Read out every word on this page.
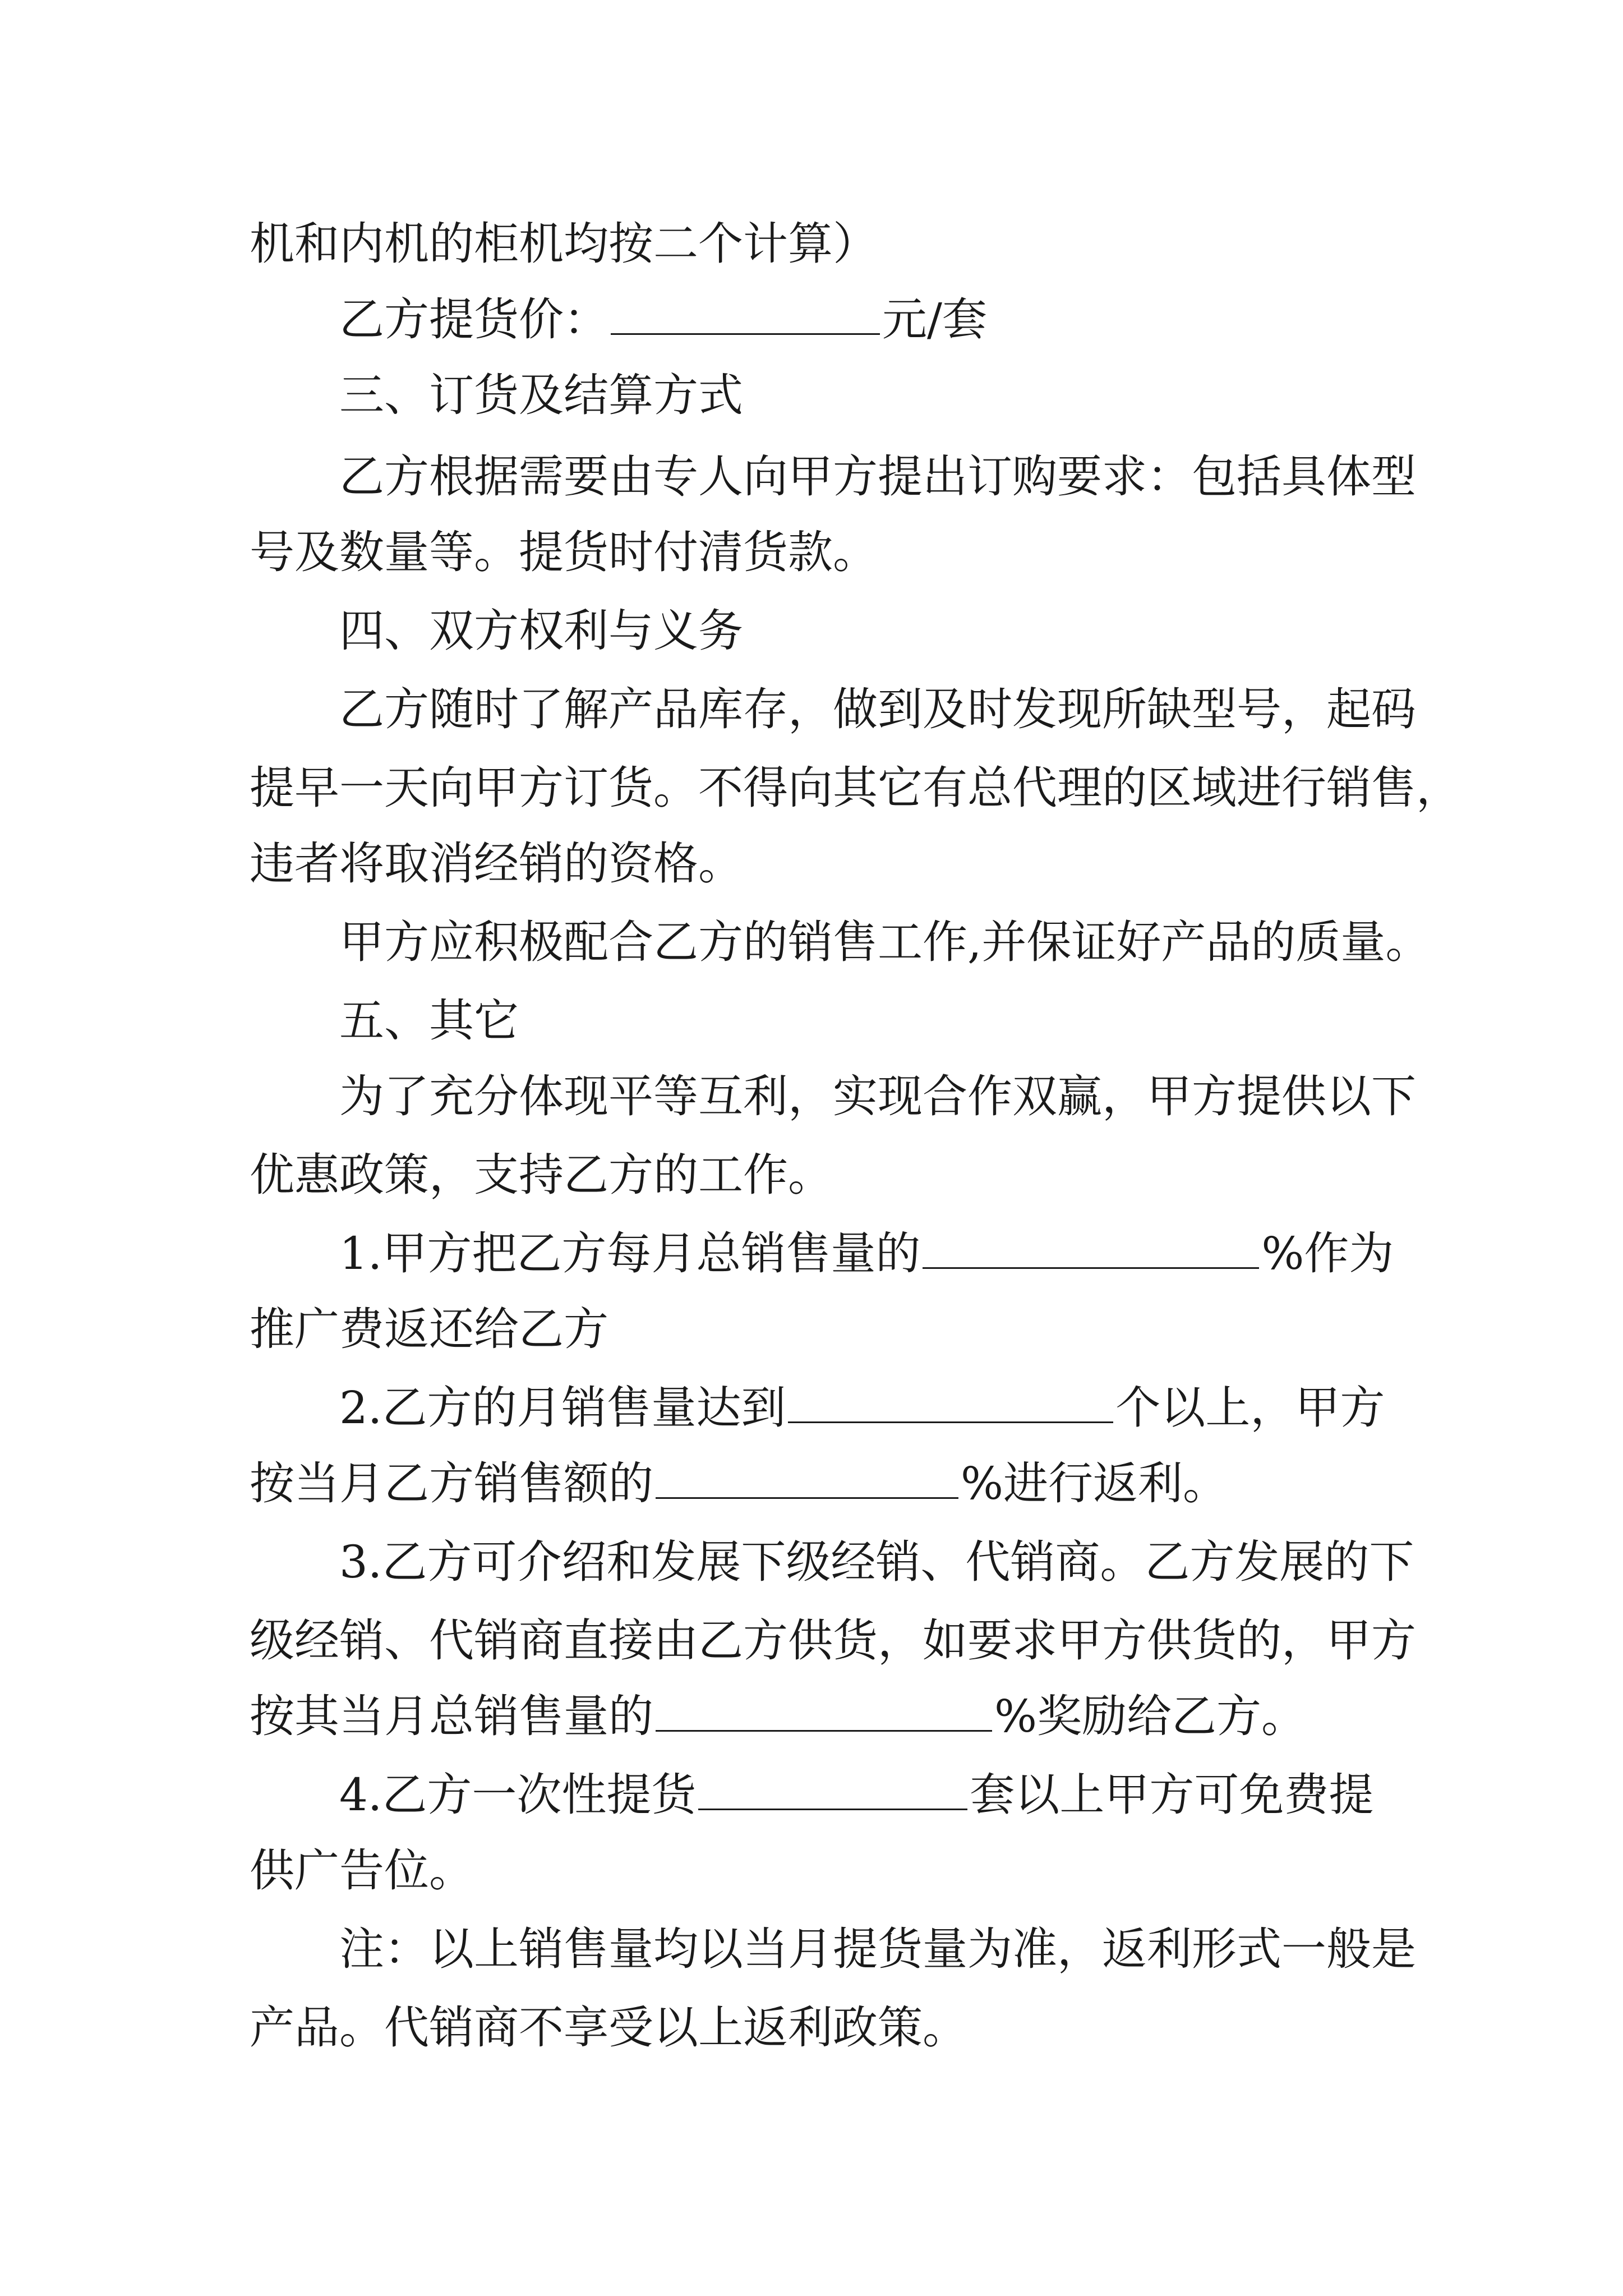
机和内机的柜机均按二个计算）
乙方提货价：	元/套
三、订货及结算方式
乙方根据需要由专人向甲方提出订购要求：包括具体型
号及数量等。提货时付清货款。
四、双方权利与义务
乙方随时了解产品库存，做到及时发现所缺型号，起码
提早一天向甲方订货。不得向其它有总代理的区域进行销售，
违者将取消经销的资格。
甲方应积极配合乙方的销售工作,并保证好产品的质量。
五、其它
为了充分体现平等互利，实现合作双赢，甲方提供以下
优惠政策，支持乙方的工作。
1.甲方把乙方每月总销售量的	%作为
推广费返还给乙方
2.乙方的月销售量达到	个以上，甲方
按当月乙方销售额的	%进行返利。
3.乙方可介绍和发展下级经销、代销商。乙方发展的下
级经销、代销商直接由乙方供货，如要求甲方供货的，甲方
按其当月总销售量的	%奖励给乙方。
4.乙方一次性提货	套以上甲方可免费提
供广告位。
注：以上销售量均以当月提货量为准，返利形式一般是
产品。代销商不享受以上返利政策。
